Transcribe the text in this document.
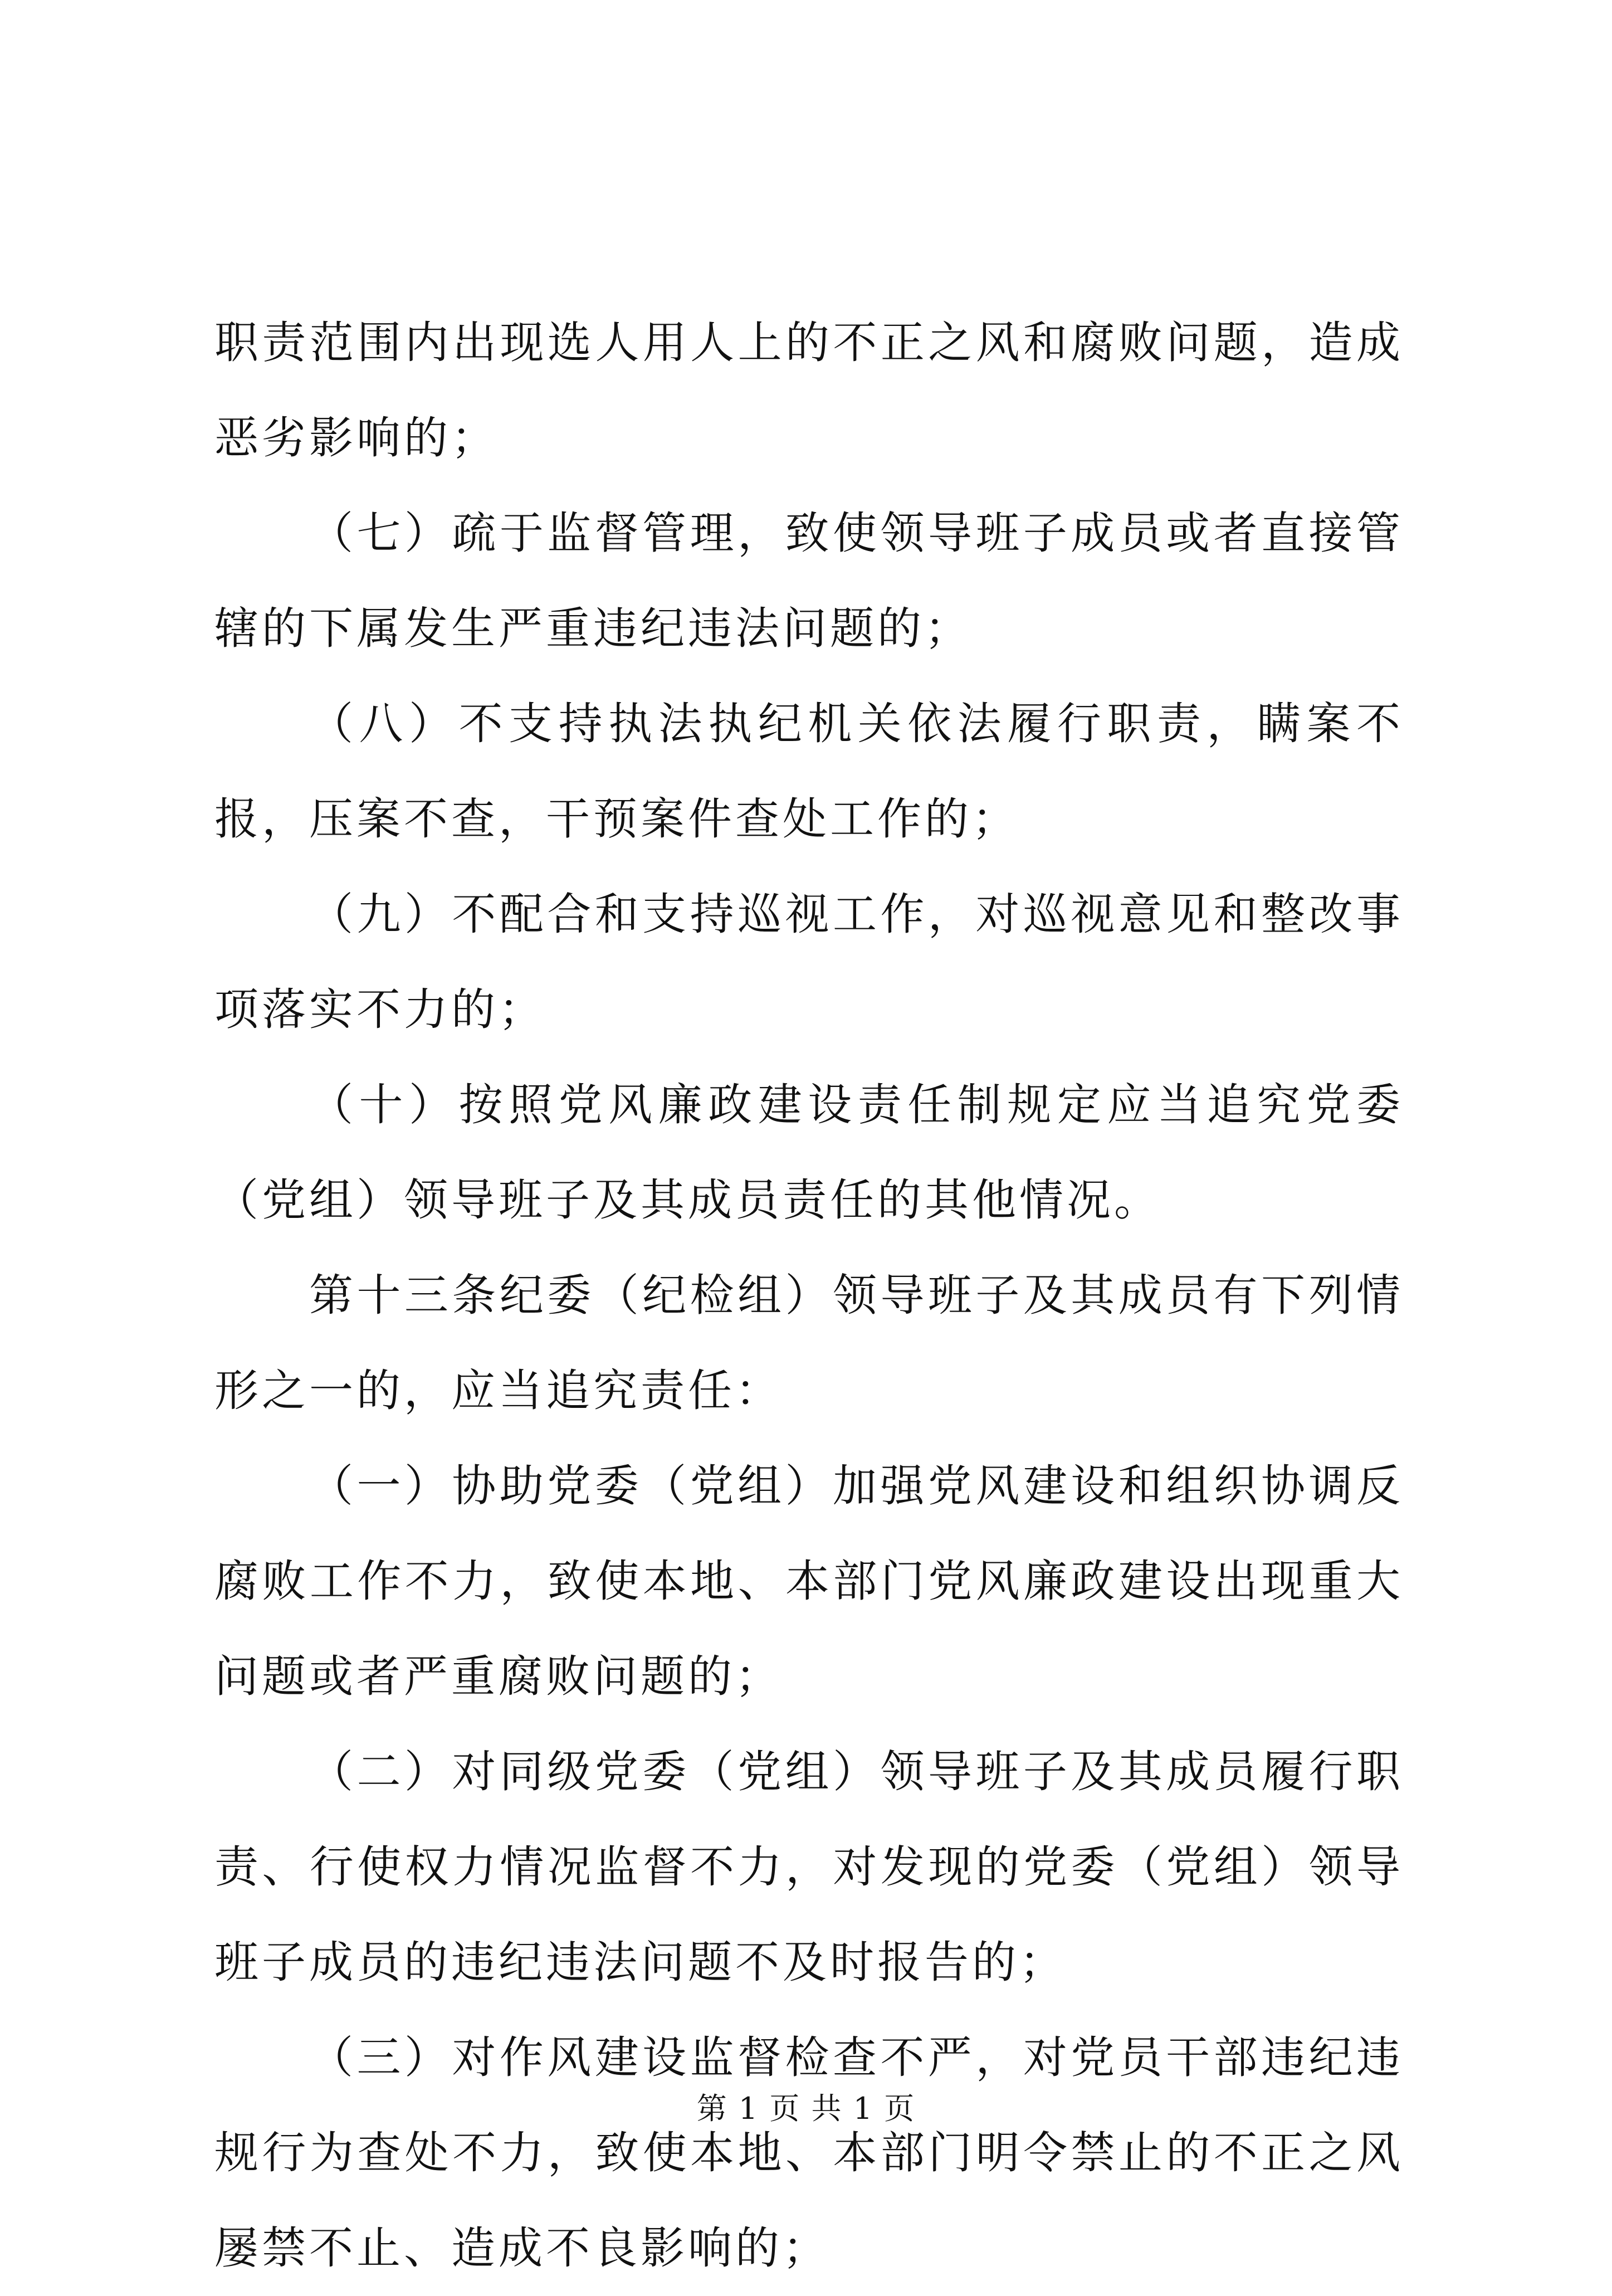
职责范围内出现选人用人上的不正之风和腐败问题，造成恶劣影响的；

（七）疏于监督管理，致使领导班子成员或者直接管辖的下属发生严重违纪违法问题的；

（八）不支持执法执纪机关依法履行职责，瞒案不报，压案不查，干预案件查处工作的；

（九）不配合和支持巡视工作，对巡视意见和整改事项落实不力的；

（十）按照党风廉政建设责任制规定应当追究党委（党组）领导班子及其成员责任的其他情况。

第十三条纪委（纪检组）领导班子及其成员有下列情形之一的，应当追究责任：

（一）协助党委（党组）加强党风建设和组织协调反腐败工作不力，致使本地、本部门党风廉政建设出现重大问题或者严重腐败问题的；

（二）对同级党委（党组）领导班子及其成员履行职责、行使权力情况监督不力，对发现的党委（党组）领导班子成员的违纪违法问题不及时报告的；

（三）对作风建设监督检查不严，对党员干部违纪违规行为查处不力，致使本地、本部门明令禁止的不正之风屡禁不止、造成不良影响的；

第 1 页 共 1 页
